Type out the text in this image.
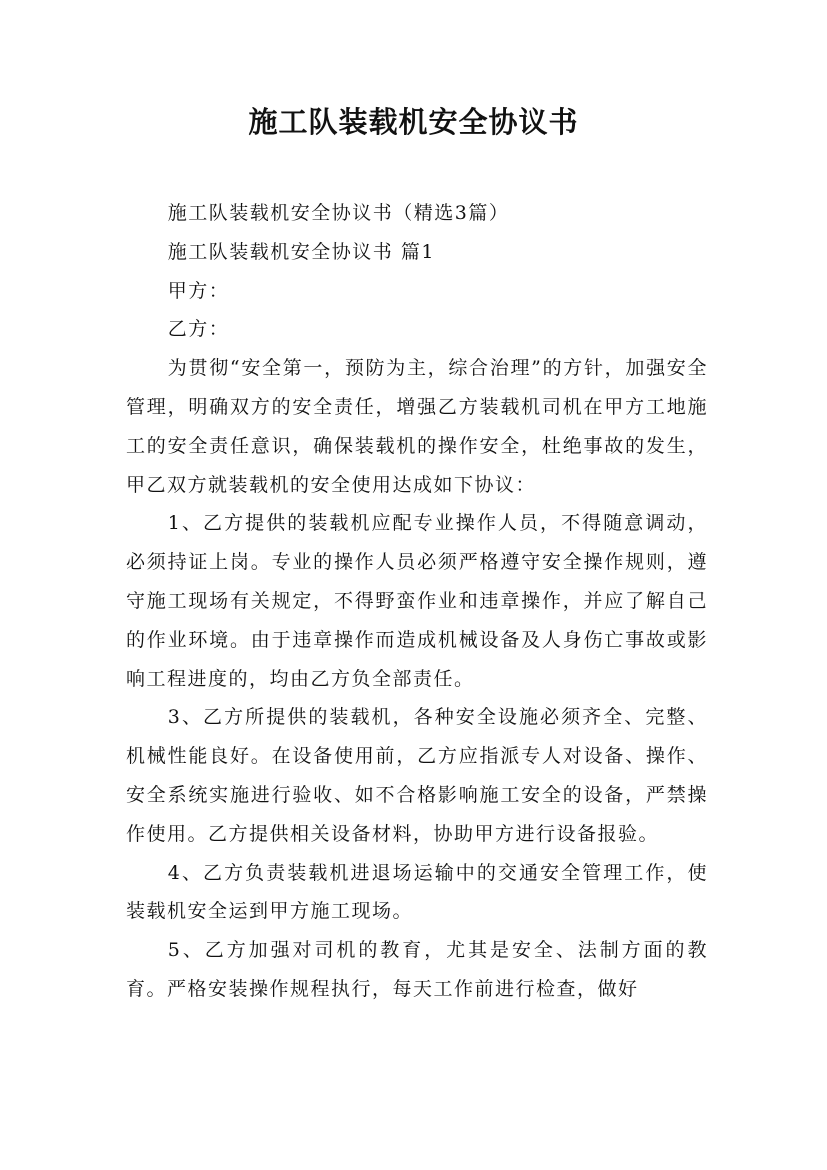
施工队装载机安全协议书

施工队装载机安全协议书（精选3篇）

施工队装载机安全协议书 篇1

甲方：

乙方：

为贯彻“安全第一，预防为主，综合治理”的方针，加强安全管理，明确双方的安全责任，增强乙方装载机司机在甲方工地施工的安全责任意识，确保装载机的操作安全，杜绝事故的发生，甲乙双方就装载机的安全使用达成如下协议：

1、乙方提供的装载机应配专业操作人员，不得随意调动，必须持证上岗。专业的操作人员必须严格遵守安全操作规则，遵守施工现场有关规定，不得野蛮作业和违章操作，并应了解自己的作业环境。由于违章操作而造成机械设备及人身伤亡事故或影响工程进度的，均由乙方负全部责任。

3、乙方所提供的装载机，各种安全设施必须齐全、完整、机械性能良好。在设备使用前，乙方应指派专人对设备、操作、安全系统实施进行验收、如不合格影响施工安全的设备，严禁操作使用。乙方提供相关设备材料，协助甲方进行设备报验。

4、乙方负责装载机进退场运输中的交通安全管理工作，使装载机安全运到甲方施工现场。

5、乙方加强对司机的教育，尤其是安全、法制方面的教育。严格安装操作规程执行，每天工作前进行检查，做好
